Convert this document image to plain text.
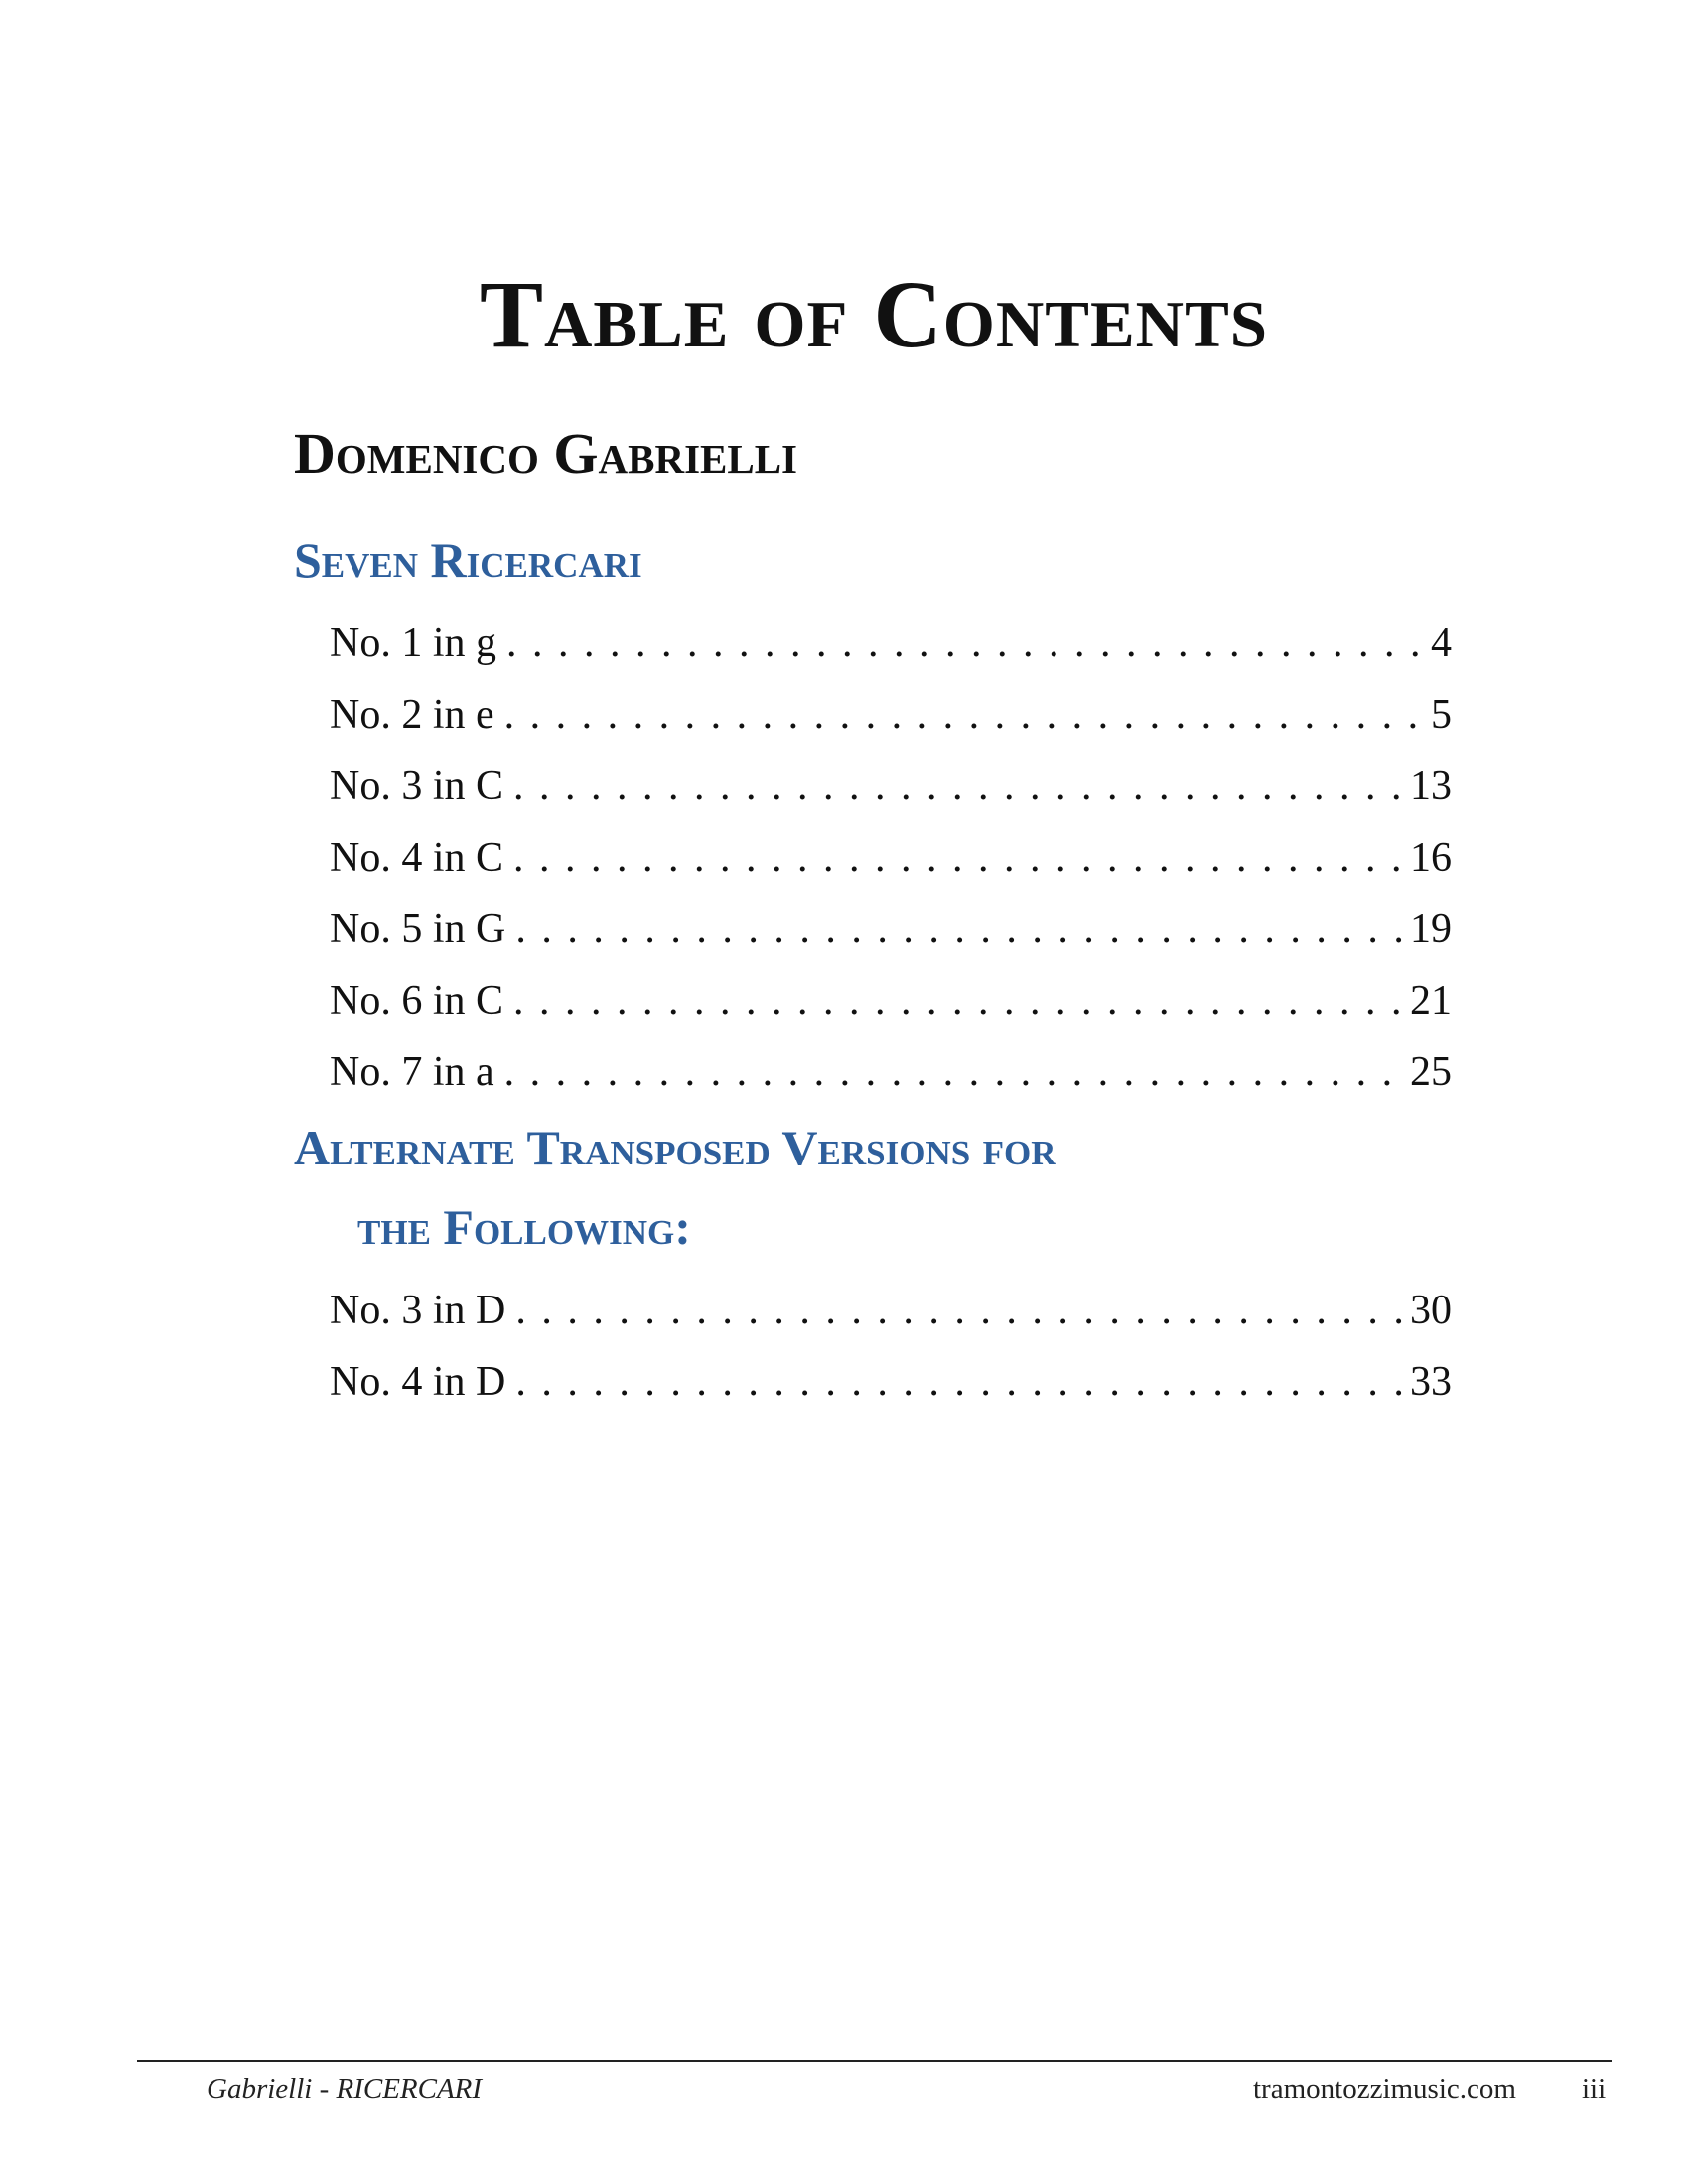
Table of Contents
Domenico Gabrielli
Seven Ricercari
No. 1 in g . . .	4
No. 2 in e . . .	5
No. 3 in C . . .	13
No. 4 in C . . .	16
No. 5 in G . . .	19
No. 6 in C . . .	21
No. 7 in a . . .	25
Alternate Transposed Versions for
the Following:
No. 3 in D . . .	30
No. 4 in D . . .	33
Gabrielli - RICERCARI	tramontozzimusic.com iii
